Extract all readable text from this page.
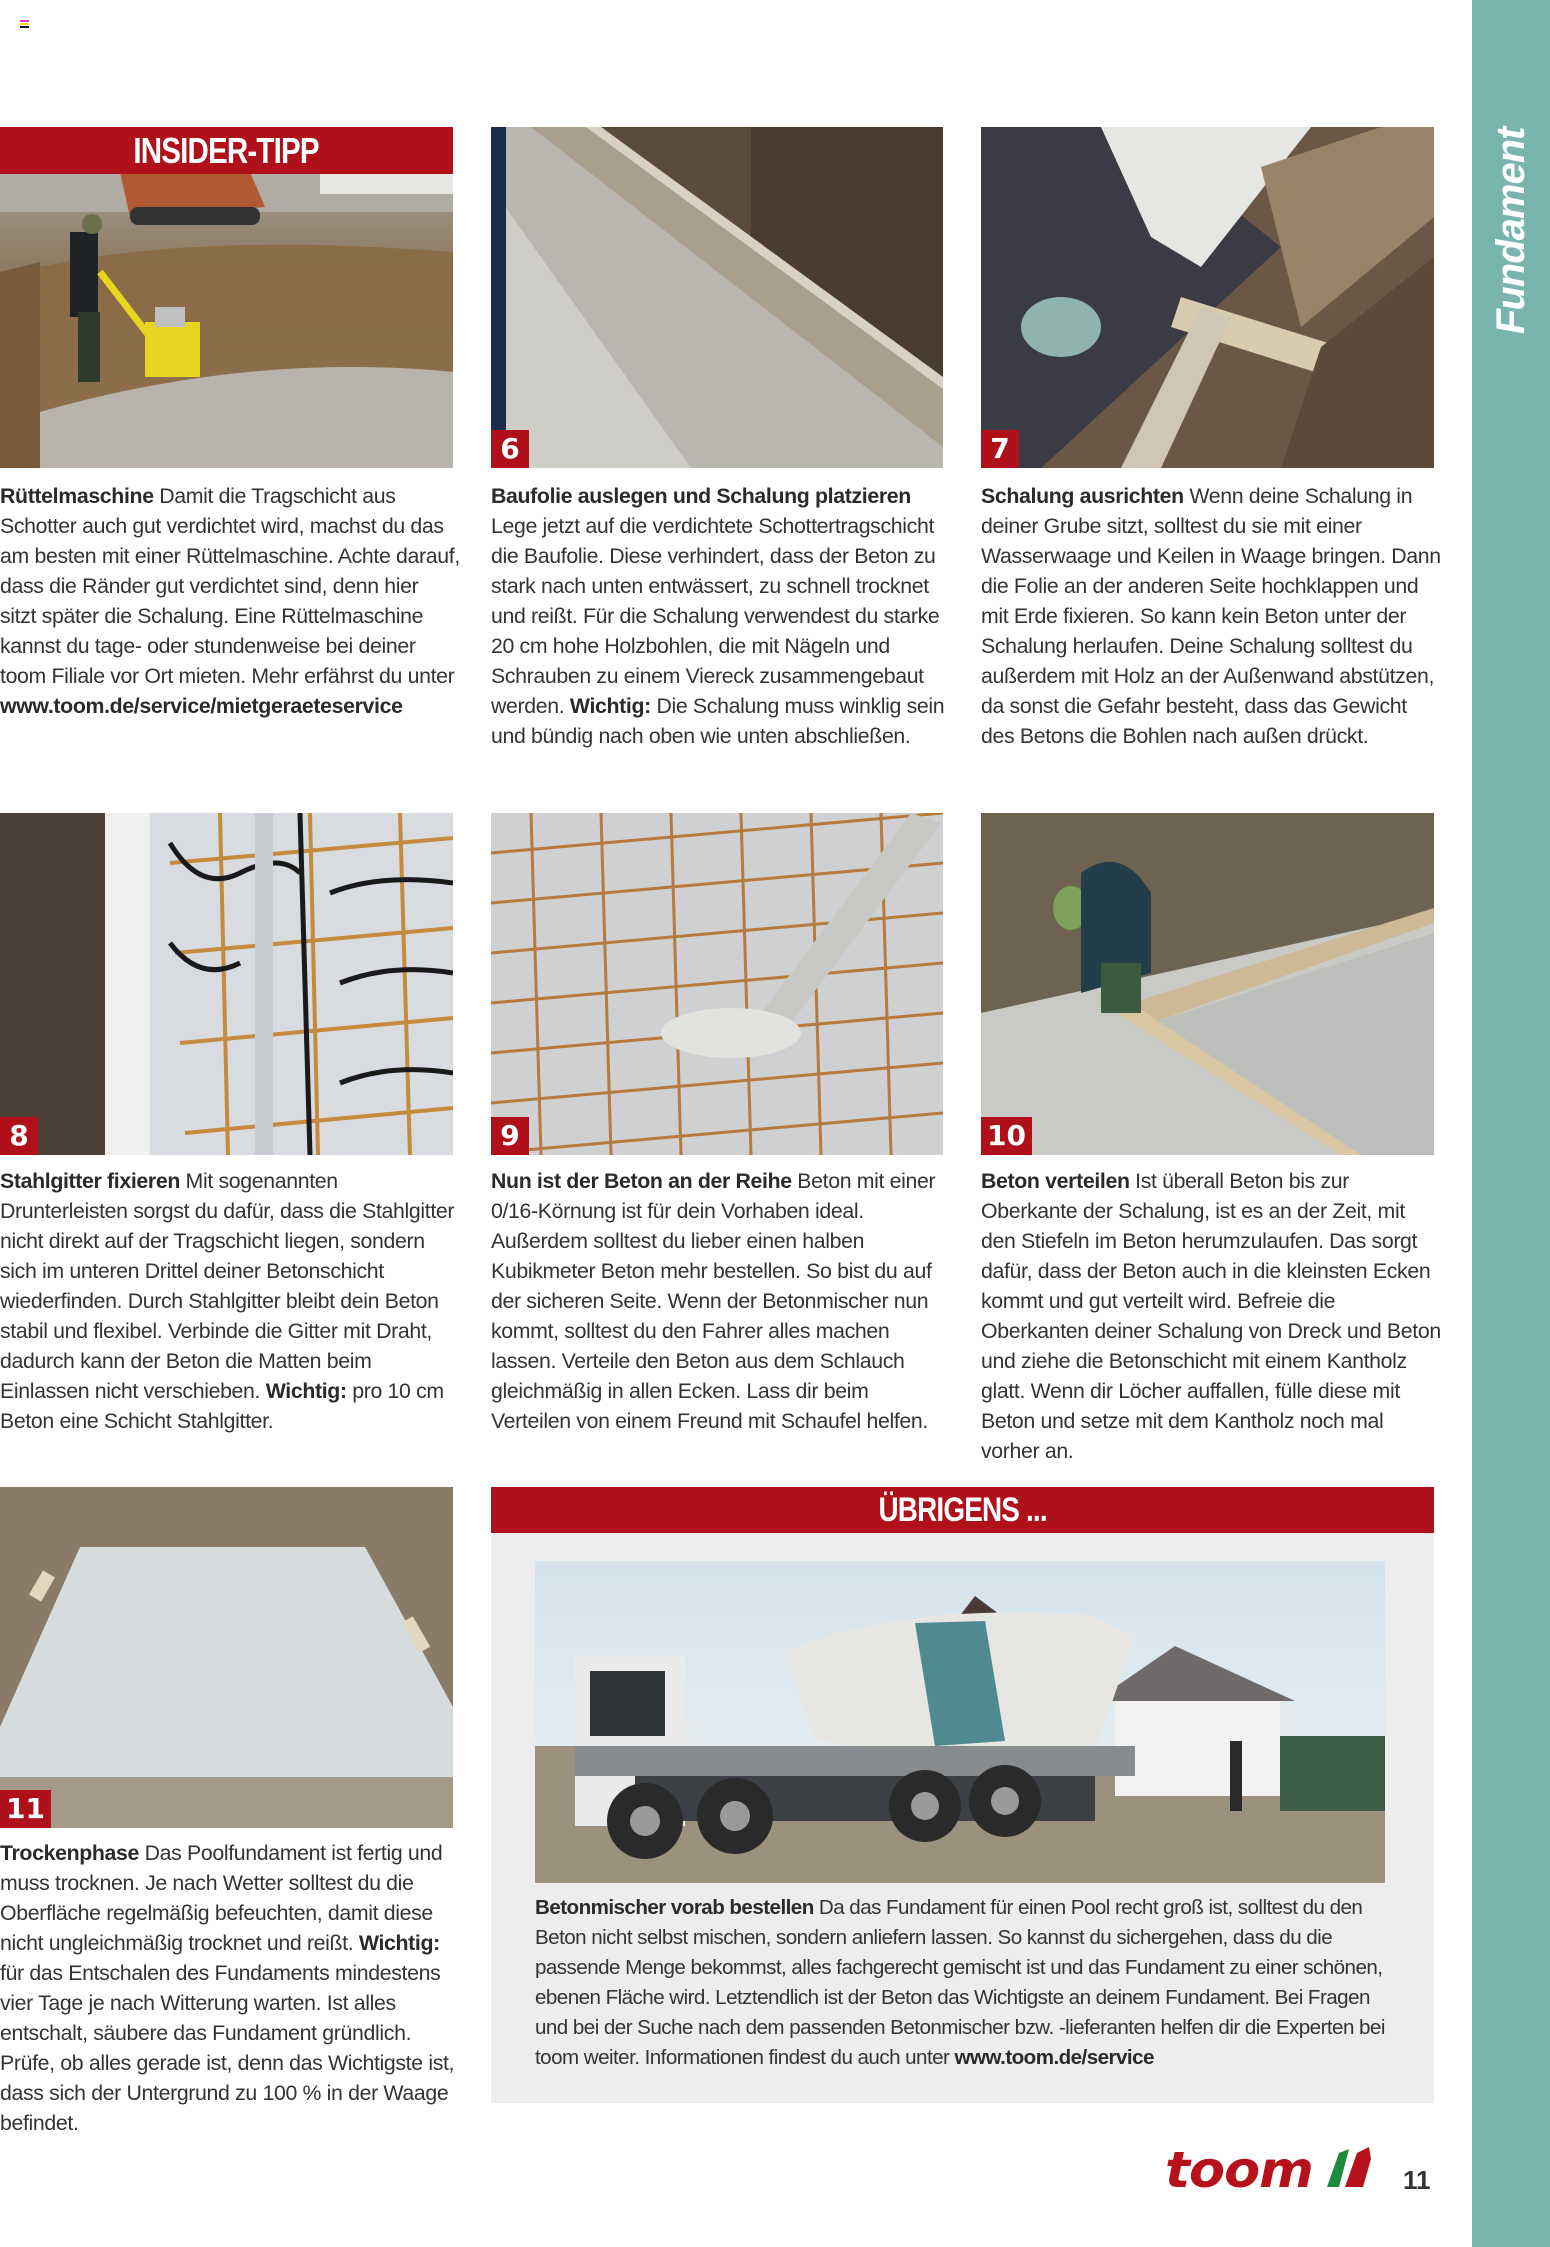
Fundament
INSIDER-TIPP
Rüttelmaschine Damit die Tragschicht aus Schotter auch gut verdichtet wird, machst du das am besten mit einer Rüttelmaschine. Achte darauf, dass die Ränder gut verdichtet sind, denn hier sitzt später die Schalung. Eine Rüttelmaschine kannst du tage- oder stundenweise bei deiner toom Filiale vor Ort mieten. Mehr erfährst du unter www.toom.de/service/mietgeraeteservice
6
Baufolie auslegen und Schalung platzieren Lege jetzt auf die verdichtete Schottertragschicht die Baufolie. Diese verhindert, dass der Beton zu stark nach unten entwässert, zu schnell trocknet und reißt. Für die Schalung verwendest du starke 20 cm hohe Holzbohlen, die mit Nägeln und Schrauben zu einem Viereck zusammengebaut werden. Wichtig: Die Schalung muss winklig sein und bündig nach oben wie unten abschließen.
7
Schalung ausrichten Wenn deine Schalung in deiner Grube sitzt, solltest du sie mit einer Wasserwaage und Keilen in Waage bringen. Dann die Folie an der anderen Seite hochklappen und mit Erde fixieren. So kann kein Beton unter der Schalung herlaufen. Deine Schalung solltest du außerdem mit Holz an der Außenwand abstützen, da sonst die Gefahr besteht, dass das Gewicht des Betons die Bohlen nach außen drückt.
8
Stahlgitter fixieren Mit sogenannten Drunterleisten sorgst du dafür, dass die Stahlgitter nicht direkt auf der Tragschicht liegen, sondern sich im unteren Drittel deiner Betonschicht wiederfinden. Durch Stahlgitter bleibt dein Beton stabil und flexibel. Verbinde die Gitter mit Draht, dadurch kann der Beton die Matten beim Einlassen nicht verschieben. Wichtig: pro 10 cm Beton eine Schicht Stahlgitter.
9
Nun ist der Beton an der Reihe Beton mit einer 0/16-Körnung ist für dein Vorhaben ideal. Außerdem solltest du lieber einen halben Kubikmeter Beton mehr bestellen. So bist du auf der sicheren Seite. Wenn der Betonmischer nun kommt, solltest du den Fahrer alles machen lassen. Verteile den Beton aus dem Schlauch gleichmäßig in allen Ecken. Lass dir beim Verteilen von einem Freund mit Schaufel helfen.
10
Beton verteilen Ist überall Beton bis zur Oberkante der Schalung, ist es an der Zeit, mit den Stiefeln im Beton herumzulaufen. Das sorgt dafür, dass der Beton auch in die kleinsten Ecken kommt und gut verteilt wird. Befreie die Oberkanten deiner Schalung von Dreck und Beton und ziehe die Betonschicht mit einem Kantholz glatt. Wenn dir Löcher auffallen, fülle diese mit Beton und setze mit dem Kantholz noch mal vorher an.
11
Trockenphase Das Poolfundament ist fertig und muss trocknen. Je nach Wetter solltest du die Oberfläche regelmäßig befeuchten, damit diese nicht ungleichmäßig trocknet und reißt. Wichtig: für das Entschalen des Fundaments mindestens vier Tage je nach Witterung warten. Ist alles entschalt, säubere das Fundament gründlich. Prüfe, ob alles gerade ist, denn das Wichtigste ist, dass sich der Untergrund zu 100 % in der Waage befindet.
ÜBRIGENS ...
Betonmischer vorab bestellen Da das Fundament für einen Pool recht groß ist, solltest du den Beton nicht selbst mischen, sondern anliefern lassen. So kannst du sichergehen, dass du die passende Menge bekommst, alles fachgerecht gemischt ist und das Fundament zu einer schönen, ebenen Fläche wird. Letztendlich ist der Beton das Wichtigste an deinem Fundament. Bei Fragen und bei der Suche nach dem passenden Betonmischer bzw. -lieferanten helfen dir die Experten bei toom weiter. Informationen findest du auch unter www.toom.de/service
toom	11
